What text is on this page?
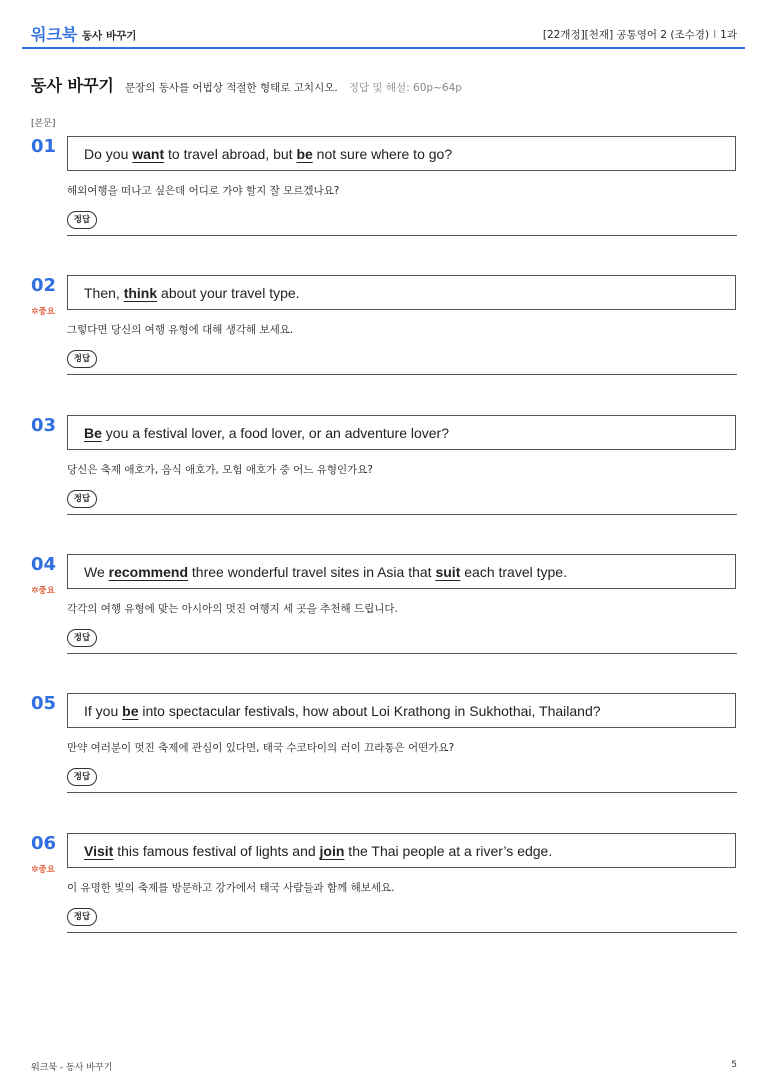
워크북 동사 바꾸기	[22개정][천재] 공통영어 2 (조수경) I 1과
동사 바꾸기 문장의 동사를 어법상 적절한 형태로 고치시오. 정답 및 해설: 60p~64p
[본문]
01	Do you want to travel abroad, but be not sure where to go?
해외여행을 떠나고 싶은데 어디로 가야 할지 잘 모르겠나요?
정답
02
✲중요
Then, think about your travel type.
그렇다면 당신의 여행 유형에 대해 생각해 보세요.
정답
03	Be you a festival lover, a food lover, or an adventure lover?
당신은 축제 애호가, 음식 애호가, 모험 애호가 중 어느 유형인가요?
정답
04
✲중요
We recommend three wonderful travel sites in Asia that suit each travel type.
각각의 여행 유형에 맞는 아시아의 멋진 여행지 세 곳을 추천해 드립니다.
정답
05	If you be into spectacular festivals, how about Loi Krathong in Sukhothai, Thailand?
만약 여러분이 멋진 축제에 관심이 있다면, 태국 수코타이의 러이 끄라통은 어떤가요?
정답
06
✲중요
Visit this famous festival of lights and join the Thai people at a river’s edge.
이 유명한 빛의 축제를 방문하고 강가에서 태국 사람들과 함께 해보세요.
정답
워크북 - 동사 바꾸기	5
